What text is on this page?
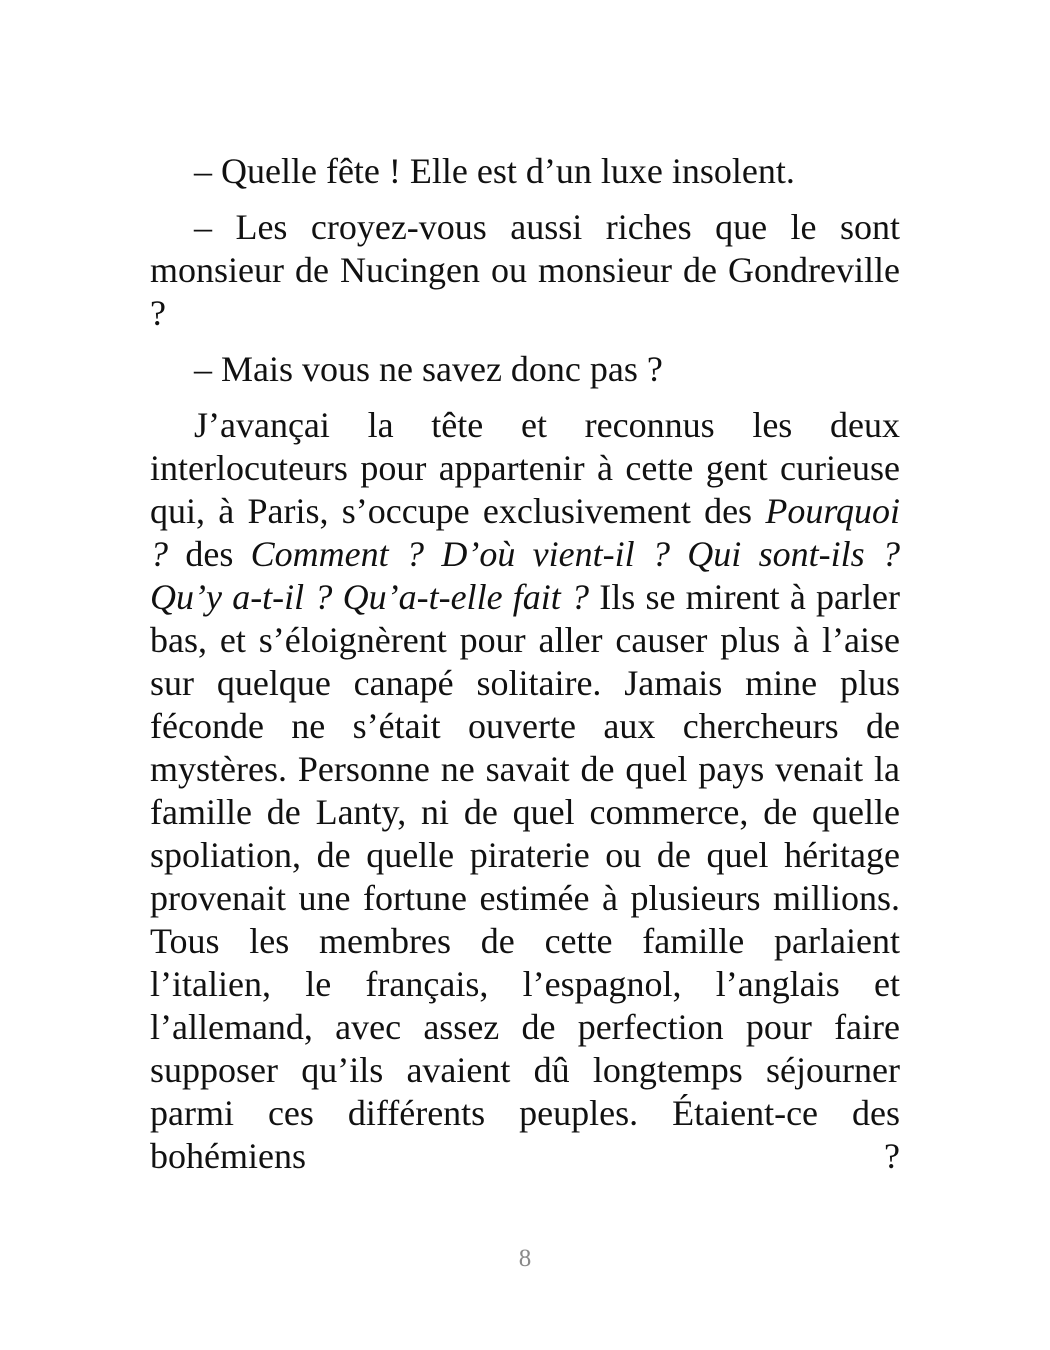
– Quelle fête ! Elle est d’un luxe insolent.

– Les croyez-vous aussi riches que le sont monsieur de Nucingen ou monsieur de Gondreville ?

– Mais vous ne savez donc pas ?

J’avançai la tête et reconnus les deux interlocuteurs pour appartenir à cette gent curieuse qui, à Paris, s’occupe exclusivement des Pourquoi ? des Comment ? D’où vient-il ? Qui sont-ils ? Qu’y a-t-il ? Qu’a-t-elle fait ? Ils se mirent à parler bas, et s’éloignèrent pour aller causer plus à l’aise sur quelque canapé solitaire. Jamais mine plus féconde ne s’était ouverte aux chercheurs de mystères. Personne ne savait de quel pays venait la famille de Lanty, ni de quel commerce, de quelle spoliation, de quelle piraterie ou de quel héritage provenait une fortune estimée à plusieurs millions. Tous les membres de cette famille parlaient l’italien, le français, l’espagnol, l’anglais et l’allemand, avec assez de perfection pour faire supposer qu’ils avaient dû longtemps séjourner parmi ces différents peuples. Étaient-ce des bohémiens ?

8
